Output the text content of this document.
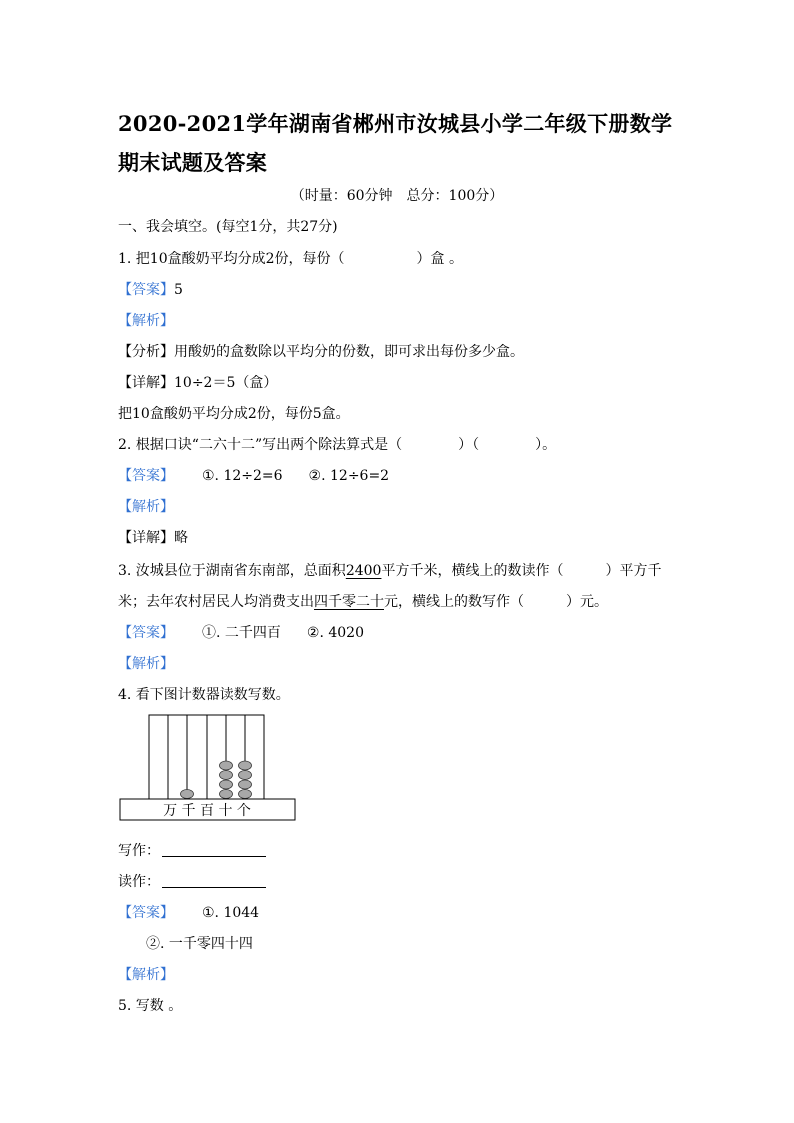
2020-2021学年湖南省郴州市汝城县小学二年级下册数学期末试题及答案
（时量：60分钟　总分：100分）
一、我会填空。(每空1分，共27分)
1. 把10盒酸奶平均分成2份，每份（	）盒 。
【答案】5
【解析】
【分析】用酸奶的盒数除以平均分的份数，即可求出每份多少盒。
【详解】10÷2＝5（盒）
把10盒酸奶平均分成2份，每份5盒。
2. 根据口诀“二六十二”写出两个除法算式是（　　　　）（　　　　）。
【答案】 ①. 12÷2=6 ②. 12÷6=2
【解析】
【详解】略
3. 汝城县位于湖南省东南部，总面积2400平方千米，横线上的数读作（　　　）平方千
米；去年农村居民人均消费支出四千零二十元，横线上的数写作（　　　）元。
【答案】 ①. 二千四百 ②. 4020
【解析】
4. 看下图计数器读数写数。
万 千 百 十 个
写作：
读作：
【答案】 ①. 1044
②. 一千零四十四
【解析】
5. 写数 。
